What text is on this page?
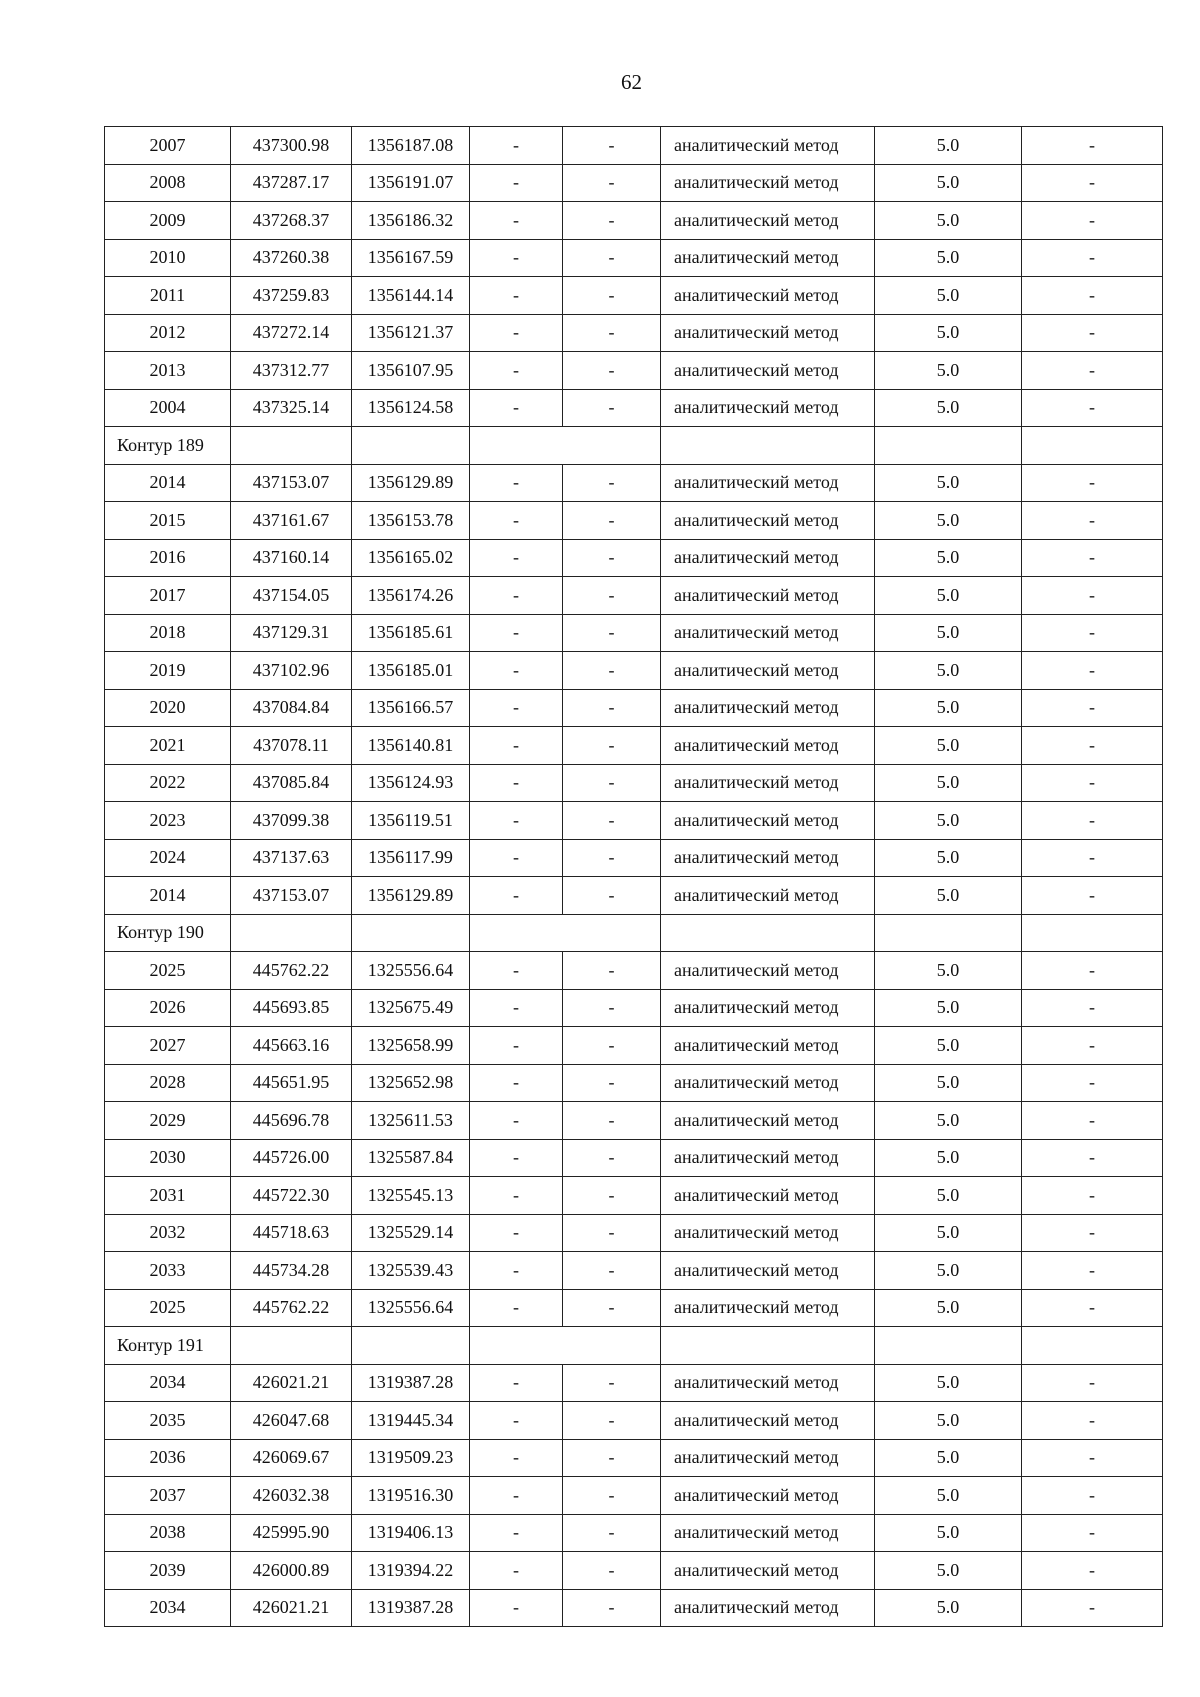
62
2007	437300.98	1356187.08	-	-	аналитический метод	5.0	-
2008	437287.17	1356191.07	-	-	аналитический метод	5.0	-
2009	437268.37	1356186.32	-	-	аналитический метод	5.0	-
2010	437260.38	1356167.59	-	-	аналитический метод	5.0	-
2011	437259.83	1356144.14	-	-	аналитический метод	5.0	-
2012	437272.14	1356121.37	-	-	аналитический метод	5.0	-
2013	437312.77	1356107.95	-	-	аналитический метод	5.0	-
2004	437325.14	1356124.58	-	-	аналитический метод	5.0	-
Контур 189							
2014	437153.07	1356129.89	-	-	аналитический метод	5.0	-
2015	437161.67	1356153.78	-	-	аналитический метод	5.0	-
2016	437160.14	1356165.02	-	-	аналитический метод	5.0	-
2017	437154.05	1356174.26	-	-	аналитический метод	5.0	-
2018	437129.31	1356185.61	-	-	аналитический метод	5.0	-
2019	437102.96	1356185.01	-	-	аналитический метод	5.0	-
2020	437084.84	1356166.57	-	-	аналитический метод	5.0	-
2021	437078.11	1356140.81	-	-	аналитический метод	5.0	-
2022	437085.84	1356124.93	-	-	аналитический метод	5.0	-
2023	437099.38	1356119.51	-	-	аналитический метод	5.0	-
2024	437137.63	1356117.99	-	-	аналитический метод	5.0	-
2014	437153.07	1356129.89	-	-	аналитический метод	5.0	-
Контур 190							
2025	445762.22	1325556.64	-	-	аналитический метод	5.0	-
2026	445693.85	1325675.49	-	-	аналитический метод	5.0	-
2027	445663.16	1325658.99	-	-	аналитический метод	5.0	-
2028	445651.95	1325652.98	-	-	аналитический метод	5.0	-
2029	445696.78	1325611.53	-	-	аналитический метод	5.0	-
2030	445726.00	1325587.84	-	-	аналитический метод	5.0	-
2031	445722.30	1325545.13	-	-	аналитический метод	5.0	-
2032	445718.63	1325529.14	-	-	аналитический метод	5.0	-
2033	445734.28	1325539.43	-	-	аналитический метод	5.0	-
2025	445762.22	1325556.64	-	-	аналитический метод	5.0	-
Контур 191							
2034	426021.21	1319387.28	-	-	аналитический метод	5.0	-
2035	426047.68	1319445.34	-	-	аналитический метод	5.0	-
2036	426069.67	1319509.23	-	-	аналитический метод	5.0	-
2037	426032.38	1319516.30	-	-	аналитический метод	5.0	-
2038	425995.90	1319406.13	-	-	аналитический метод	5.0	-
2039	426000.89	1319394.22	-	-	аналитический метод	5.0	-
2034	426021.21	1319387.28	-	-	аналитический метод	5.0	-
